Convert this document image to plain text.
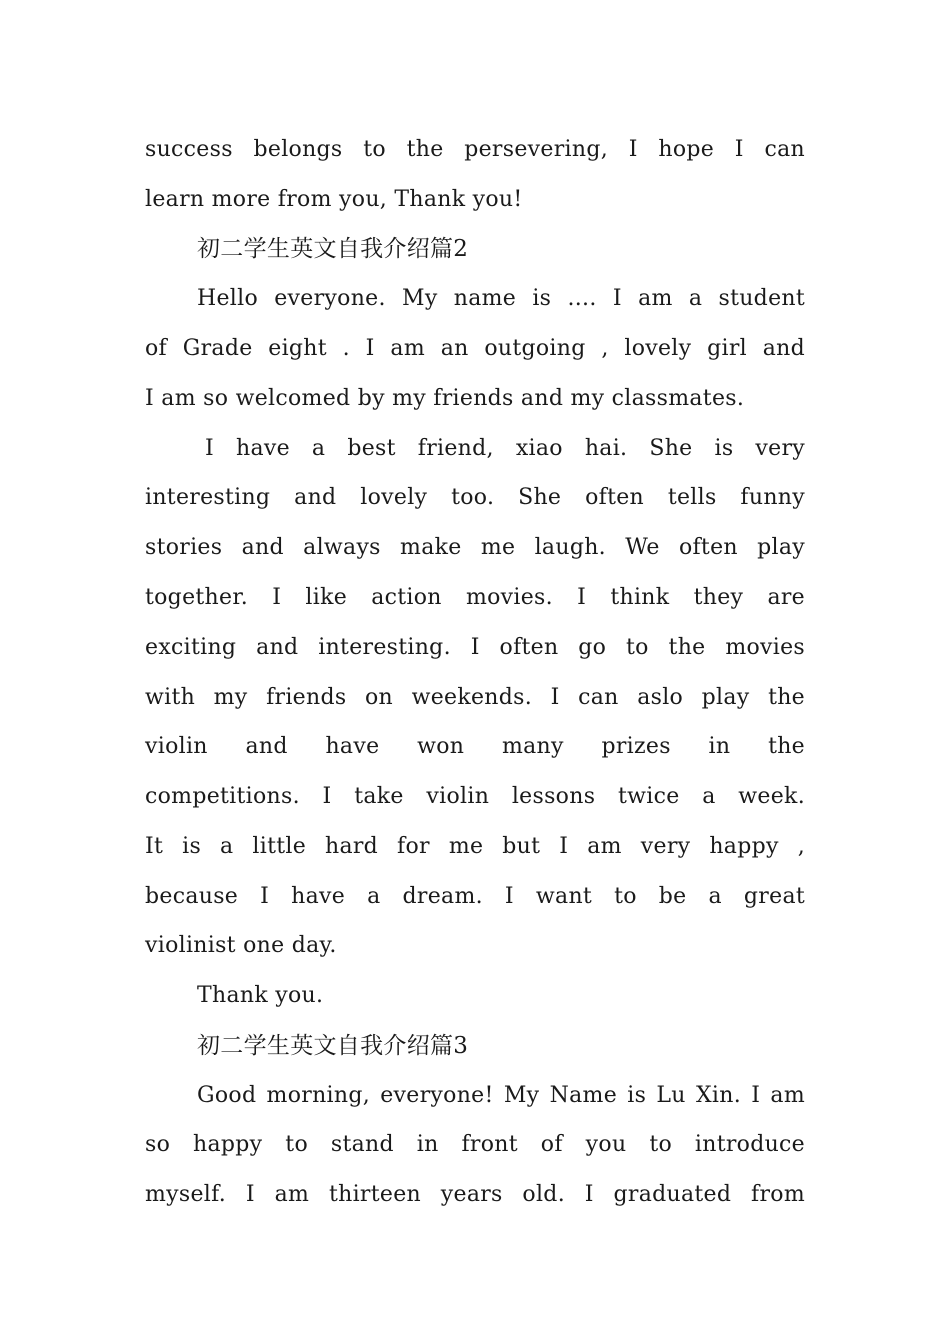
success belongs to the persevering, I hope I can
learn more from you, Thank you!
初二学生英文自我介绍篇2
Hello everyone. My name is .... I am a student
of Grade eight . I am an outgoing , lovely girl and
I am so welcomed by my friends and my classmates.
I have a best friend, xiao hai. She is very
interesting and lovely too. She often tells funny
stories and always make me laugh. We often play
together. I like action movies. I think they are
exciting and interesting. I often go to the movies
with my friends on weekends. I can aslo play the
violin and have won many prizes in the
competitions. I take violin lessons twice a week.
It is a little hard for me but I am very happy ,
because I have a dream. I want to be a great
violinist one day.
Thank you.
初二学生英文自我介绍篇3
Good morning, everyone! My Name is Lu Xin. I am
so happy to stand in front of you to introduce
myself. I am thirteen years old. I graduated from
